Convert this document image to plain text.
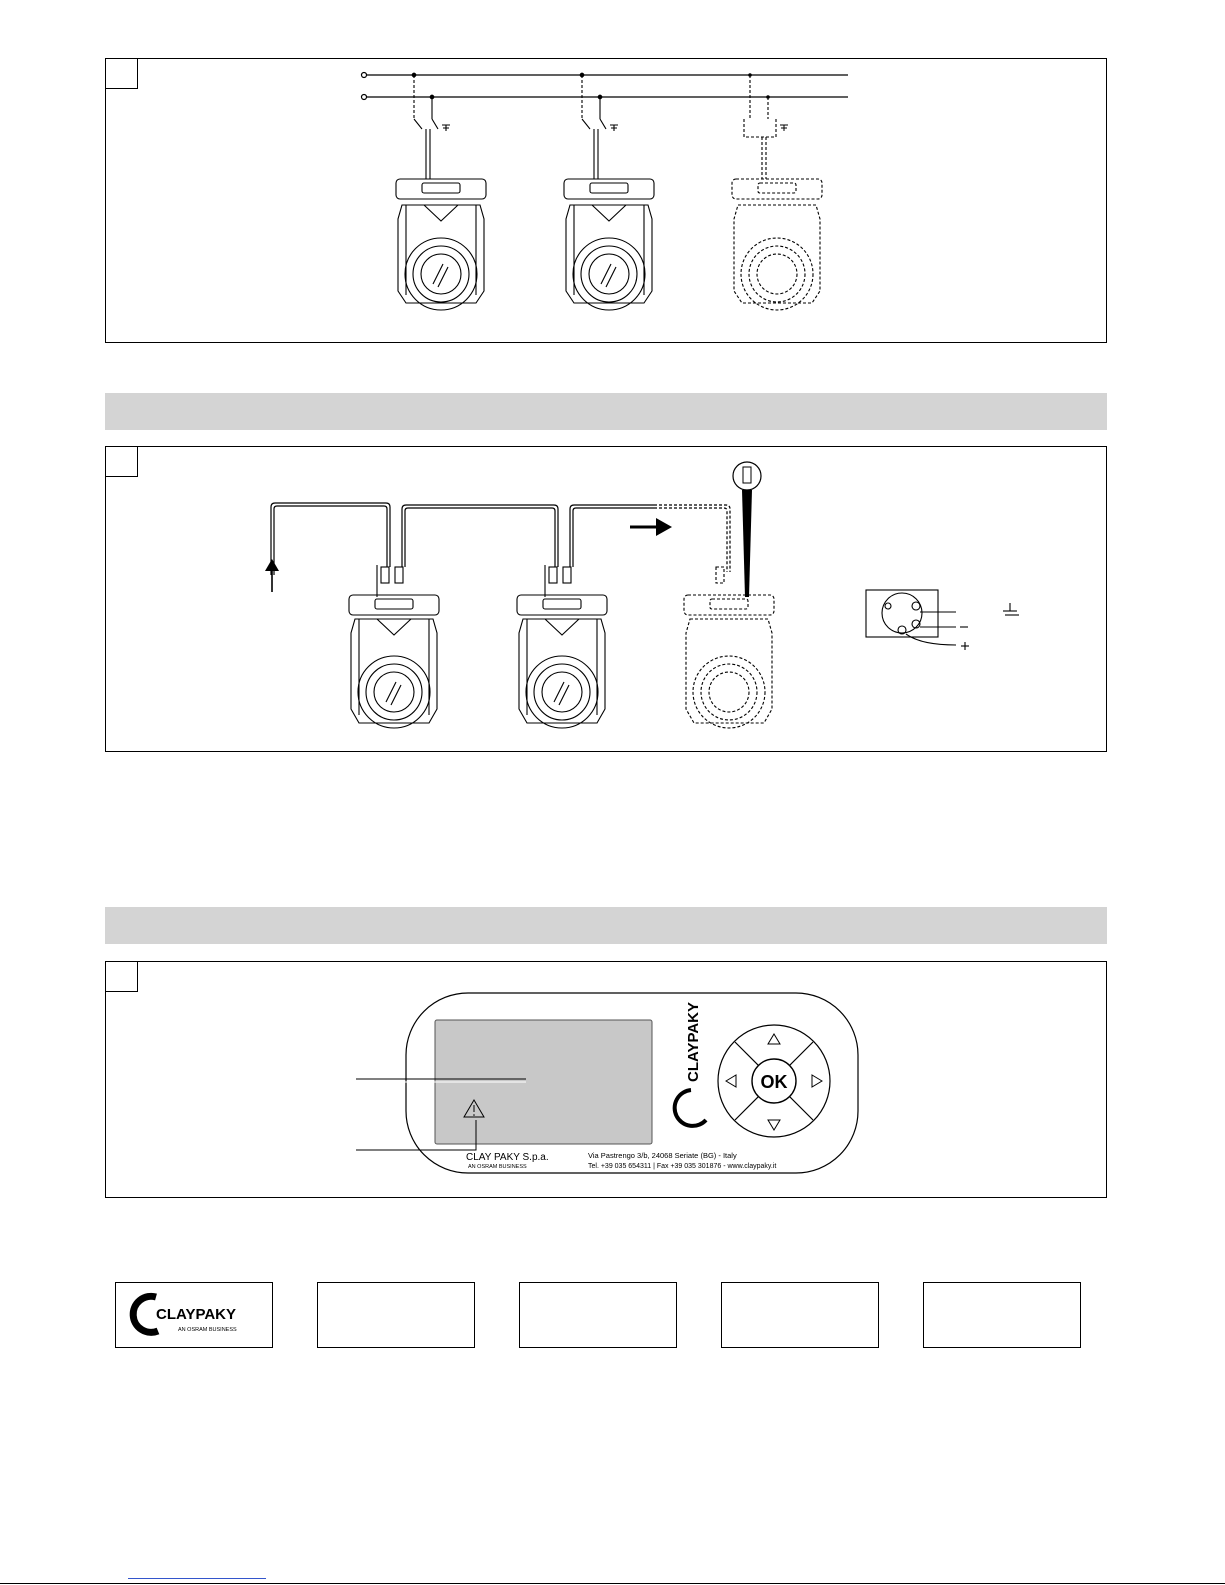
OK
CLAYPAKY
CLAY PAKY S.p.a.
AN OSRAM BUSINESS
Via Pastrengo 3/b, 24068 Seriate (BG) - Italy
Tel. +39 035 654311 | Fax +39 035 301876 - www.claypaky.it
CLAYPAKY
AN OSRAM BUSINESS
